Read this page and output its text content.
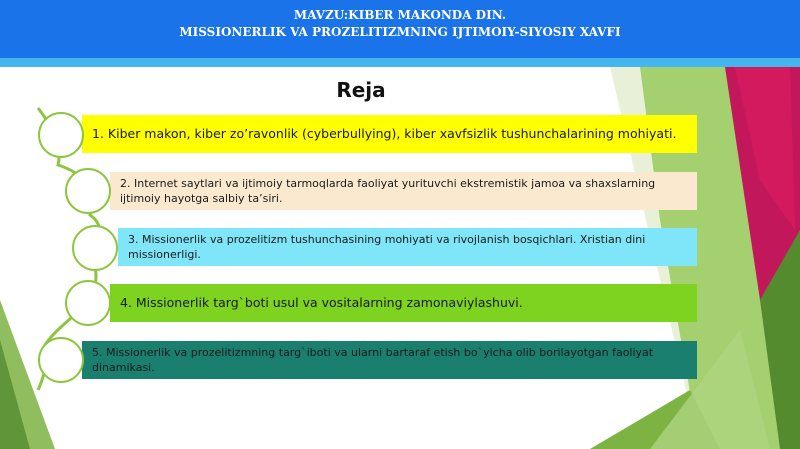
MAVZU:KIBER MAKONDA DIN.
MISSIONERLIK VA PROZELITIZMNING IJTIMOIY-SIYOSIY XAVFI
Reja
1. Kiber makon, kiber zo’ravonlik (cyberbullying), kiber xavfsizlik tushunchalarining mohiyati.
2. Internet saytlari va ijtimoiy tarmoqlarda faoliyat yurituvchi ekstremistik jamoa va shaxslarning ijtimoiy hayotga salbiy ta’siri.
3. Missionerlik va prozelitizm tushunchasining mohiyati va rivojlanish bosqichlari. Xristian dini missionerligi.
4. Missionerlik targ`boti usul va vositalarning zamonaviylashuvi.
5. Missionerlik va prozelitizmning targ`iboti va ularni bartaraf etish bo`yicha olib borilayotgan faoliyat dinamikasi.
